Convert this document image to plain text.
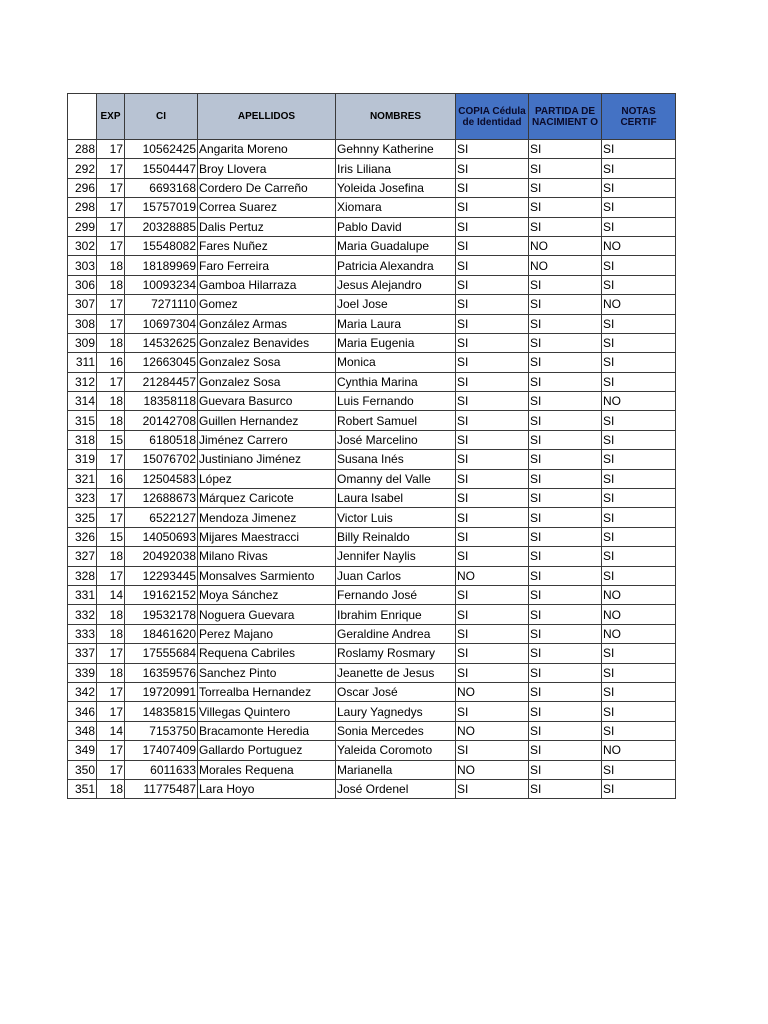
	EXP	CI	APELLIDOS	NOMBRES	COPIA Cédula de Identidad	PARTIDA DE NACIMIENT O	NOTAS CERTIF
288	17	10562425	Angarita Moreno	Gehnny Katherine	SI	SI	SI
292	17	15504447	Broy Llovera	Iris Liliana	SI	SI	SI
296	17	6693168	Cordero De Carreño	Yoleida Josefina	SI	SI	SI
298	17	15757019	Correa Suarez	Xiomara	SI	SI	SI
299	17	20328885	Dalis Pertuz	Pablo David	SI	SI	SI
302	17	15548082	Fares Nuñez	Maria Guadalupe	SI	NO	NO
303	18	18189969	Faro Ferreira	Patricia Alexandra	SI	NO	SI
306	18	10093234	Gamboa Hilarraza	Jesus Alejandro	SI	SI	SI
307	17	7271110	Gomez	Joel Jose	SI	SI	NO
308	17	10697304	González Armas	Maria Laura	SI	SI	SI
309	18	14532625	Gonzalez Benavides	Maria Eugenia	SI	SI	SI
311	16	12663045	Gonzalez Sosa	Monica	SI	SI	SI
312	17	21284457	Gonzalez Sosa	Cynthia Marina	SI	SI	SI
314	18	18358118	Guevara Basurco	Luis Fernando	SI	SI	NO
315	18	20142708	Guillen Hernandez	Robert Samuel	SI	SI	SI
318	15	6180518	Jiménez Carrero	José Marcelino	SI	SI	SI
319	17	15076702	Justiniano Jiménez	Susana Inés	SI	SI	SI
321	16	12504583	López	Omanny del Valle	SI	SI	SI
323	17	12688673	Márquez Caricote	Laura Isabel	SI	SI	SI
325	17	6522127	Mendoza Jimenez	Victor Luis	SI	SI	SI
326	15	14050693	Mijares Maestracci	Billy Reinaldo	SI	SI	SI
327	18	20492038	Milano Rivas	Jennifer Naylis	SI	SI	SI
328	17	12293445	Monsalves Sarmiento	Juan Carlos	NO	SI	SI
331	14	19162152	Moya Sánchez	Fernando José	SI	SI	NO
332	18	19532178	Noguera Guevara	Ibrahim Enrique	SI	SI	NO
333	18	18461620	Perez Majano	Geraldine Andrea	SI	SI	NO
337	17	17555684	Requena Cabriles	Roslamy Rosmary	SI	SI	SI
339	18	16359576	Sanchez Pinto	Jeanette de Jesus	SI	SI	SI
342	17	19720991	Torrealba Hernandez	Oscar José	NO	SI	SI
346	17	14835815	Villegas Quintero	Laury Yagnedys	SI	SI	SI
348	14	7153750	Bracamonte Heredia	Sonia Mercedes	NO	SI	SI
349	17	17407409	Gallardo Portuguez	Yaleida Coromoto	SI	SI	NO
350	17	6011633	Morales Requena	Marianella	NO	SI	SI
351	18	11775487	Lara Hoyo	José Ordenel	SI	SI	SI
